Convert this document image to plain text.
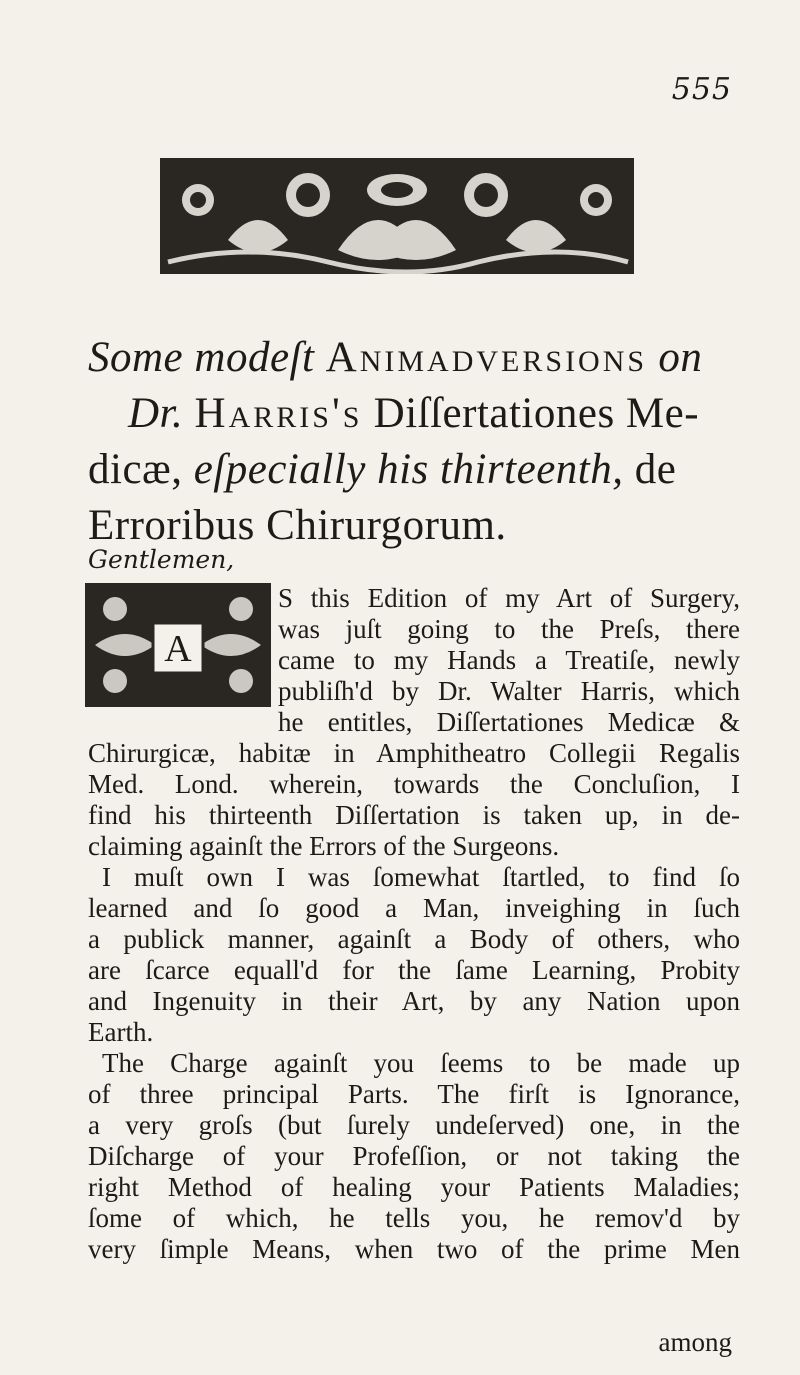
555
Some modeſt Animadversions on
Dr. Harris's Diſſertationes Me-
dicæ, eſpecially his thirteenth, de
Erroribus Chirurgorum.
Gentlemen,
A
S this Edition of my Art of Surgery,
was juſt going to the Preſs, there
came to my Hands a Treatiſe, newly
publiſh'd by Dr. Walter Harris, which
he entitles, Diſſertationes Medicæ &
Chirurgicæ, habitæ in Amphitheatro Collegii Regalis
Med. Lond. wherein, towards the Concluſion, I
find his thirteenth Diſſertation is taken up, in de-
claiming againſt the Errors of the Surgeons.
I muſt own I was ſomewhat ſtartled, to find ſo
learned and ſo good a Man, inveighing in ſuch
a publick manner, againſt a Body of others, who
are ſcarce equall'd for the ſame Learning, Probity
and Ingenuity in their Art, by any Nation upon
Earth.
The Charge againſt you ſeems to be made up
of three principal Parts. The firſt is Ignorance,
a very groſs (but ſurely undeſerved) one, in the
Diſcharge of your Profeſſion, or not taking the
right Method of healing your Patients Maladies;
ſome of which, he tells you, he remov'd by
very ſimple Means, when two of the prime Men
among
